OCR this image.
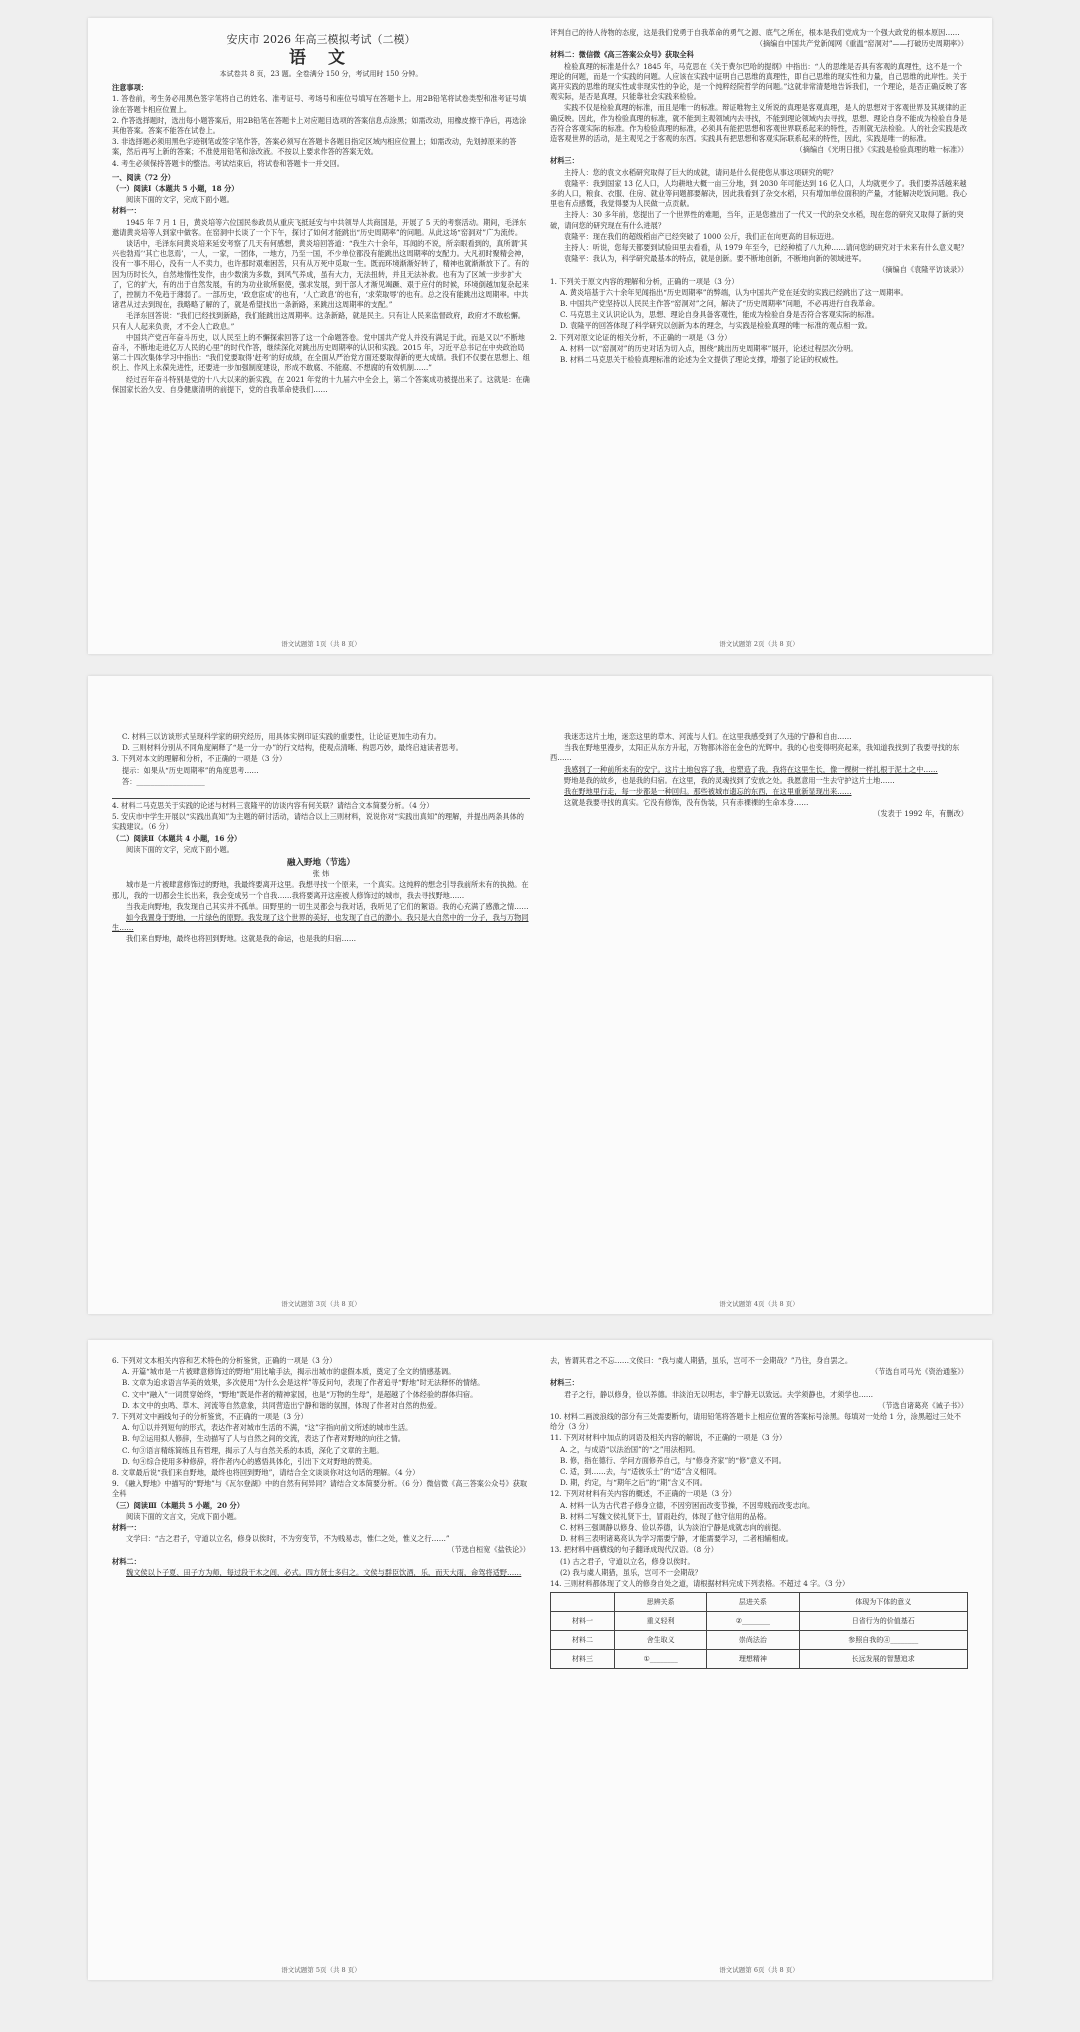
安庆市 2026 年高三模拟考试（二模）
语 文
本试卷共 8 页，23 题。全卷满分 150 分，考试用时 150 分钟。

注意事项：

1. 答卷前，考生务必用黑色签字笔将自己的姓名、准考证号、考场号和座位号填写在答题卡上。用2B铅笔将试卷类型和准考证号填涂在答题卡相应位置上。

2. 作答选择题时，选出每小题答案后，用2B铅笔在答题卡上对应题目选项的答案信息点涂黑；如需改动，用橡皮擦干净后，再选涂其他答案。答案不能答在试卷上。

3. 非选择题必须用黑色字迹钢笔或签字笔作答，答案必须写在答题卡各题目指定区域内相应位置上；如需改动，先划掉原来的答案，然后再写上新的答案；不准使用铅笔和涂改液。不按以上要求作答的答案无效。

4. 考生必须保持答题卡的整洁。考试结束后，将试卷和答题卡一并交回。

一、阅读（72 分）

（一）阅读Ⅰ（本题共 5 小题，18 分）

阅读下面的文字，完成下面小题。

材料一：

1945 年 7 月 1 日，黄炎培等六位国民参政员从重庆飞抵延安与中共领导人共商国是，开展了 5 天的考察活动。期间，毛泽东邀请黄炎培等人到家中做客。在窑洞中长谈了一个下午，探讨了如何才能跳出“历史周期率”的问题。从此这场“窑洞对”广为流传。

谈话中，毛泽东问黄炎培来延安考察了几天有何感想，黄炎培回答道：“我生六十余年，耳闻的不说，所亲眼看到的，真所谓‘其兴也勃焉’‘其亡也忽焉’，一人，一家，一团体，一地方，乃至一国，不少单位都没有能跳出这周期率的支配力。大凡初时聚精会神，没有一事不用心，没有一人不卖力，也许那时艰难困苦，只有从万死中觅取一生。既而环境渐渐好转了，精神也就渐渐放下了。有的因为历时长久，自然地惰性发作，由少数演为多数，到风气养成，虽有大力，无法扭转，并且无法补救。也有为了区域一步步扩大了，它的扩大，有的出于自然发展，有的为功业欲所驱使，强求发展，到干部人才渐见竭蹶、艰于应付的时候，环境倒越加复杂起来了，控制力不免趋于薄弱了。一部历史，‘政怠宦成’的也有，‘人亡政息’的也有，‘求荣取辱’的也有。总之没有能跳出这周期率。中共诸君从过去到现在，我略略了解的了，就是希望找出一条新路，来跳出这周期率的支配。”

毛泽东回答说：“我们已经找到新路，我们能跳出这周期率。这条新路，就是民主。只有让人民来监督政府，政府才不敢松懈。只有人人起来负责，才不会人亡政息。”

中国共产党百年奋斗历史，以人民至上的不懈探索回答了这一个命题答卷。党中国共产党人并没有满足于此，而是又以“不断地奋斗，不断地走进亿万人民的心里”的时代作答，继续深化对跳出历史周期率的认识和实践。2015 年，习近平总书记在中央政治局第二十四次集体学习中指出：“我们党要取得‘赶考’的好成绩，在全面从严治党方面还要取得新的更大成绩。我们不仅要在思想上、组织上、作风上永葆先进性，还要进一步加强制度建设，形成不敢腐、不能腐、不想腐的有效机制……”

经过百年奋斗特别是党的十八大以来的新实践，在 2021 年党的十九届六中全会上，第二个答案成功被提出来了。这就是：在确保国家长治久安、自身健康清明的前提下，党的自我革命使我们……

语文试题第 1页（共 8 页）

评判自己的待人待物的态度，这是我们党勇于自我革命的勇气之源、底气之所在，根本是我们党成为一个强大政党的根本原因……

（摘编自中国共产党新闻网《重温“窑洞对”——打破历史周期率》）

材料二：微信微《高三答案公众号》获取全科

检验真理的标准是什么？1845 年，马克思在《关于费尔巴哈的提纲》中指出：“人的思维是否具有客观的真理性，这不是一个理论的问题，而是一个实践的问题。人应该在实践中证明自己思维的真理性，即自己思维的现实性和力量，自己思维的此岸性。关于离开实践的思维的现实性或非现实性的争论，是一个纯粹经院哲学的问题。”这就非常清楚地告诉我们，一个理论，是否正确反映了客观实际，是否是真理，只能靠社会实践来检验。

实践不仅是检验真理的标准，而且是唯一的标准。辩证唯物主义所说的真理是客观真理，是人的思想对于客观世界及其规律的正确反映。因此，作为检验真理的标准，就不能到主观领域内去寻找，不能到理论领域内去寻找，思想、理论自身不能成为检验自身是否符合客观实际的标准。作为检验真理的标准，必须具有能把思想和客观世界联系起来的特性，否则就无法检验。人的社会实践是改造客观世界的活动，是主观见之于客观的东西。实践具有把思想和客观实际联系起来的特性，因此，实践是唯一的标准。

（摘编自《光明日报》《实践是检验真理的唯一标准》）

材料三：

主持人：您的袁文水稻研究取得了巨大的成就，请问是什么促使您从事这项研究的呢？

袁隆平：我到国家 13 亿人口，人均耕地大概一亩三分地，到 2030 年可能达到 16 亿人口，人均就更少了。我们要养活越来越多的人口，粮食、衣服、住房、就业等问题都要解决，因此我看到了杂交水稻，只有增加单位面积的产量，才能解决吃饭问题。我心里也有点感慨，我觉得要为人民做一点贡献。

主持人：30 多年前，您提出了一个世界性的难题，当年，正是您推出了一代又一代的杂交水稻，现在您的研究又取得了新的突破，请问您的研究现在有什么进展？

袁隆平：现在我们的超级稻亩产已经突破了 1000 公斤，我们正在向更高的目标迈进。

主持人：听说，您每天都要到试验田里去看看，从 1979 年至今，已经种植了八九种……请问您的研究对于未来有什么意义呢？

袁隆平：我认为，科学研究最基本的特点，就是创新。要不断地创新，不断地向新的领域进军。

（摘编自《袁隆平访谈录》）

1. 下列关于原文内容的理解和分析，正确的一项是（3 分）

A. 黄炎培基于六十余年见闻指出“历史周期率”的弊端，认为中国共产党在延安的实践已经跳出了这一周期率。

B. 中国共产党坚持以人民民主作答“窑洞对”之问，解决了“历史周期率”问题，不必再进行自我革命。

C. 马克思主义认识论认为，思想、理论自身具备客观性，能成为检验自身是否符合客观实际的标准。

D. 袁隆平的回答体现了科学研究以创新为本的理念，与实践是检验真理的唯一标准的观点相一致。

2. 下列对原文论证的相关分析，不正确的一项是（3 分）

A. 材料一以“窑洞对”的历史对话为切入点，围绕“跳出历史周期率”展开，论述过程层次分明。

B. 材料二马克思关于检验真理标准的论述为全文提供了理论支撑，增强了论证的权威性。

语文试题第 2页（共 8 页）

C. 材料三以访谈形式呈现科学家的研究经历，用具体实例印证实践的重要性，让论证更加生动有力。

D. 三则材料分别从不同角度阐释了“是一分一办”的行文结构，使观点清晰、构思巧妙，最终启迪读者思考。

3. 下列对本文的理解和分析，不正确的一项是（3 分）

提示：如果从“历史周期率”的角度思考……

答：___________________

4. 材料二马克思关于实践的论述与材料三袁隆平的访谈内容有何关联？请结合文本简要分析。（4 分）

5. 安庆市中学生开展以“实践出真知”为主题的研讨活动，请结合以上三则材料，说说你对“实践出真知”的理解，并提出两条具体的实践建议。（6 分）

（二）阅读Ⅱ（本题共 4 小题，16 分）

阅读下面的文字，完成下面小题。

融入野地（节选）

张 炜

城市是一片被肆意修饰过的野地，我最终要离开这里。我想寻找一个原来，一个真实。这纯粹的想念引导我前所未有的执拗。在那儿，我的一切都会生长出来，我会变成另一个自我……我将要离开这座被人修饰过的城市，我去寻找野地……

当我走向野地，我发现自己其实并不孤单。田野里的一切生灵都会与我对话，我听见了它们的絮语。我的心充满了感激之情……

如今我置身于野地，一片绿色的原野。我发现了这个世界的美好，也发现了自己的渺小。我只是大自然中的一分子，我与万物同生……

我们来自野地，最终也将回到野地。这就是我的命运，也是我的归宿……

语文试题第 3页（共 8 页）

我迷恋这片土地，迷恋这里的草木、河流与人们。在这里我感受到了久违的宁静和自由……

当我在野地里漫步，太阳正从东方升起，万物都沐浴在金色的光辉中。我的心也变得明亮起来，我知道我找到了我要寻找的东西……

我感到了一种前所未有的安宁。这片土地包容了我，也塑造了我。我将在这里生长，像一棵树一样扎根于泥土之中……

野地是我的故乡，也是我的归宿。在这里，我的灵魂找到了安放之处。我愿意用一生去守护这片土地……

我在野地里行走，每一步都是一种回归。那些被城市遗忘的东西，在这里重新显现出来……

这就是我要寻找的真实。它没有修饰，没有伪装，只有赤裸裸的生命本身……

（发表于 1992 年，有删改）

语文试题第 4页（共 8 页）

6. 下列对文本相关内容和艺术特色的分析鉴赏，正确的一项是（3 分）

A. 开篇“城市是一片被肆意修饰过的野地”用比喻手法，揭示出城市的虚假本质，奠定了全文的情感基调。

B. 文章为追求语言华美的效果，多次使用“为什么会是这样”等反问句，表现了作者追寻“野地”时无法释怀的情绪。

C. 文中“融入”一词贯穿始终，“野地”既是作者的精神家园，也是“万物的生母”，是超越了个体经验的群体归宿。

D. 本文中的虫鸣、草木、河流等自然意象，共同营造出宁静和谐的氛围，体现了作者对自然的热爱。

7. 下列对文中画线句子的分析鉴赏，不正确的一项是（3 分）

A. 句①以并列短句的形式，表达作者对城市生活的不满，“这”字指向前文所述的城市生活。

B. 句②运用拟人修辞，生动描写了人与自然之间的交流，表达了作者对野地的向往之情。

C. 句③语言精练简练且有哲理，揭示了人与自然关系的本质，深化了文章的主题。

D. 句④综合使用多种修辞，将作者内心的感悟具体化，引出下文对野地的赞美。

8. 文章最后说“我们来自野地，最终也将回到野地”，请结合全文谈谈你对这句话的理解。（4 分）

9. 《融入野地》中描写的“野地”与《瓦尔登湖》中的自然有何异同？请结合文本简要分析。（6 分）微信微《高三答案公众号》获取全科

（三）阅读Ⅲ（本题共 5 小题，20 分）

阅读下面的文言文，完成下面小题。

材料一：

文学曰：“古之君子，守道以立名，修身以俟时，不为穷变节，不为贱易志，惟仁之处，惟义之行……”

（节选自桓宽《盐铁论》）

材料二：

魏文侯以卜子夏、田子方为师，每过段干木之闾，必式。四方贤士多归之。文侯与群臣饮酒，乐，而天大雨，命驾将适野……

语文试题第 5页（共 8 页）

去，皆谓其君之不忘……文侯曰：“我与虞人期猎，虽乐，岂可不一会期哉？”乃往，身自罢之。

（节选自司马光《资治通鉴》）

材料三：

君子之行，静以修身，俭以养德。非淡泊无以明志，非宁静无以致远。夫学须静也，才须学也……

（节选自诸葛亮《诫子书》）

10. 材料二画波浪线的部分有三处需要断句，请用铅笔将答题卡上相应位置的答案标号涂黑。每填对一处给 1 分，涂黑超过三处不给分（3 分）

11. 下列对材料中加点的词语及相关内容的解说，不正确的一项是（3 分）

A. 之，与成语“以法治国”的“之”用法相同。

B. 修，指在德行、学问方面修养自己，与“修身齐家”的“修”意义不同。

C. 适，到……去，与“适彼乐土”的“适”含义相同。

D. 期，约定，与“期年之后”的“期”含义不同。

12. 下列对材料有关内容的概述，不正确的一项是（3 分）

A. 材料一认为古代君子修身立德，不因穷困而改变节操，不因卑贱而改变志向。

B. 材料二写魏文侯礼贤下士，冒雨赴约，体现了他守信用的品格。

C. 材料三强调静以修身、俭以养德，认为淡泊宁静是成就志向的前提。

D. 材料三表明诸葛亮认为学习需要宁静，才能需要学习，二者相辅相成。

13. 把材料中画横线的句子翻译成现代汉语。（8 分）

(1) 古之君子，守道以立名，修身以俟时。

(2) 我与虞人期猎，虽乐，岂可不一会期哉？

14. 三则材料都体现了文人的修身自处之道，请根据材料完成下列表格。不超过 4 字。（3 分）

	思辨关系	层进关系	体现为下体的意义
材料一	重义轻利	②________	日省行为的价值基石
材料二	舍生取义	崇尚法治	参照自我的④________
材料三	①________	理想精神	长远发展的智慧追求
语文试题第 6页（共 8 页）
